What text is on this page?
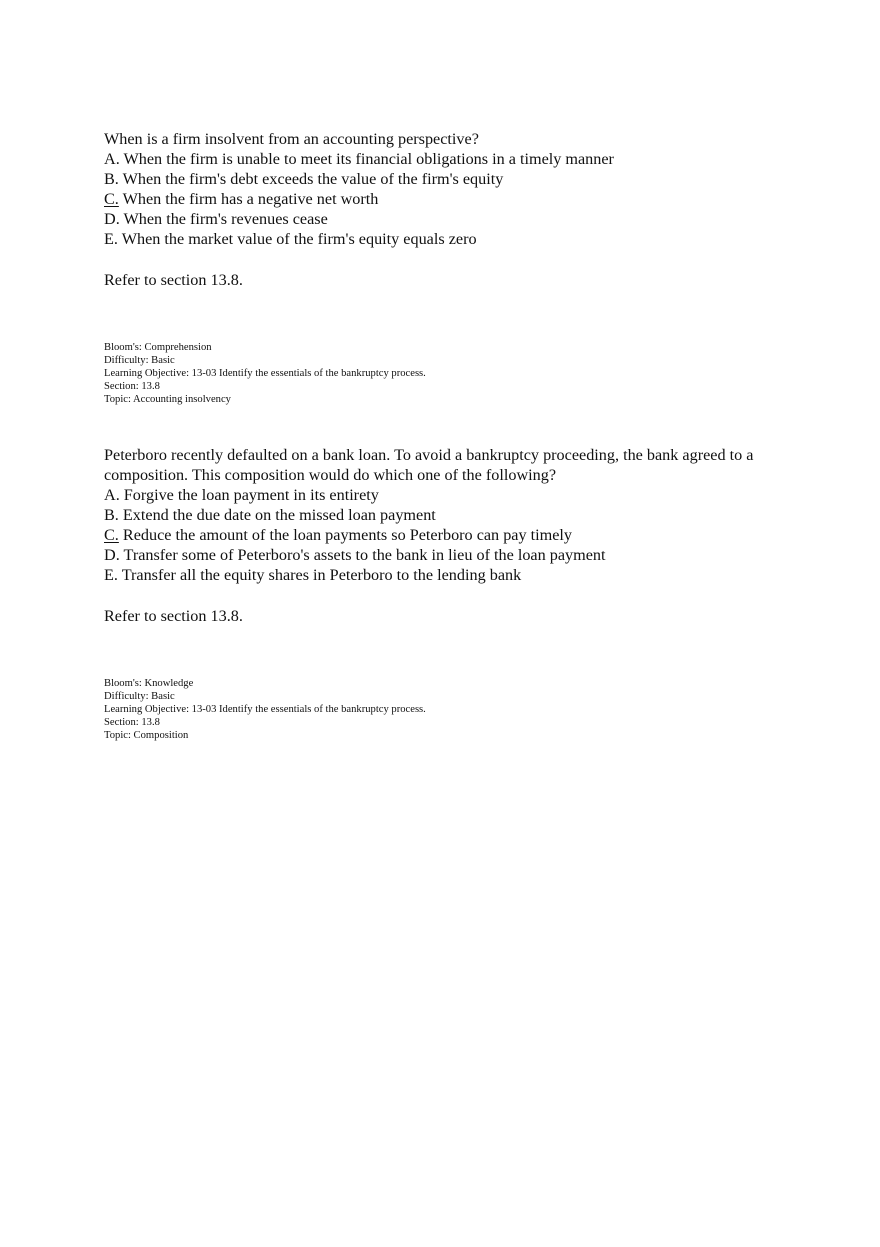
When is a firm insolvent from an accounting perspective?

A. When the firm is unable to meet its financial obligations in a timely manner

B. When the firm's debt exceeds the value of the firm's equity

C. When the firm has a negative net worth

D. When the firm's revenues cease

E. When the market value of the firm's equity equals zero

Refer to section 13.8.

Bloom's: Comprehension
Difficulty: Basic
Learning Objective: 13-03 Identify the essentials of the bankruptcy process.
Section: 13.8
Topic: Accounting insolvency

Peterboro recently defaulted on a bank loan. To avoid a bankruptcy proceeding, the bank agreed to a composition. This composition would do which one of the following?

A. Forgive the loan payment in its entirety

B. Extend the due date on the missed loan payment

C. Reduce the amount of the loan payments so Peterboro can pay timely

D. Transfer some of Peterboro's assets to the bank in lieu of the loan payment

E. Transfer all the equity shares in Peterboro to the lending bank

Refer to section 13.8.

Bloom's: Knowledge
Difficulty: Basic
Learning Objective: 13-03 Identify the essentials of the bankruptcy process.
Section: 13.8
Topic: Composition
